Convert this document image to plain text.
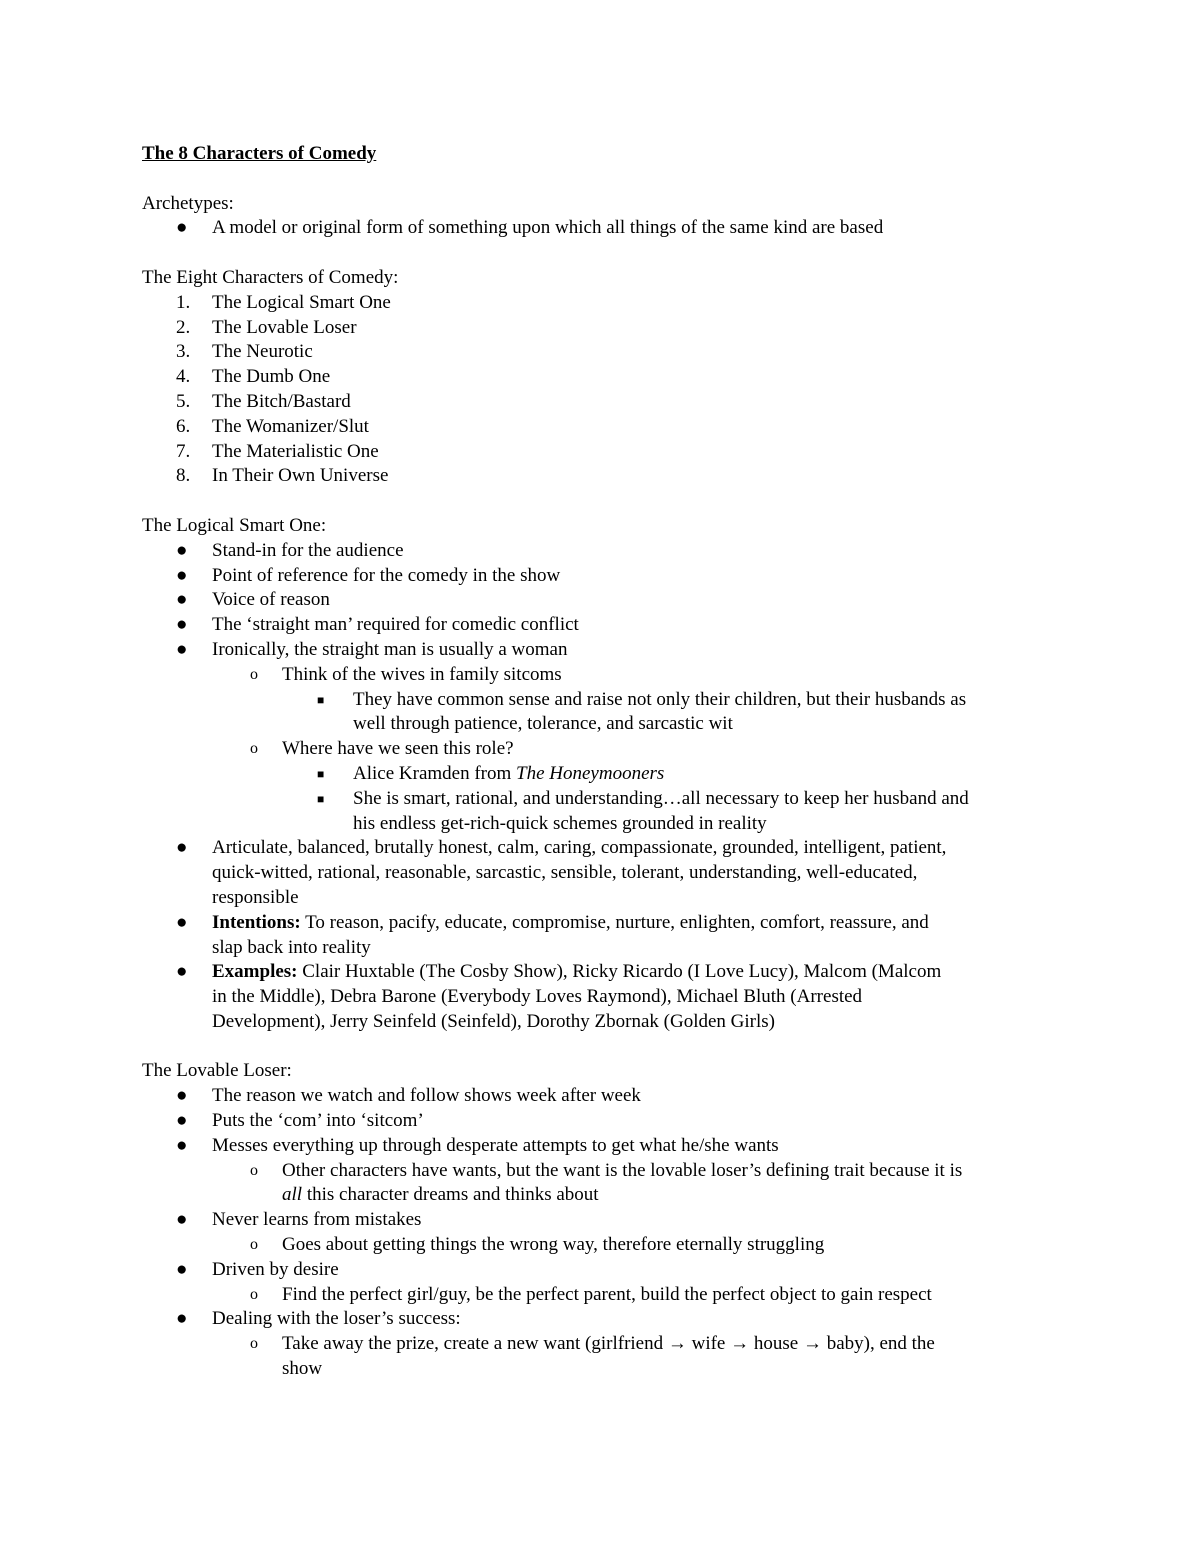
The 8 Characters of Comedy
Archetypes:
● A model or original form of something upon which all things of the same kind are based
The Eight Characters of Comedy:
1. The Logical Smart One
2. The Lovable Loser
3. The Neurotic
4. The Dumb One
5. The Bitch/Bastard
6. The Womanizer/Slut
7. The Materialistic One
8. In Their Own Universe
The Logical Smart One:
● Stand-in for the audience
● Point of reference for the comedy in the show
● Voice of reason
● The ‘straight man’ required for comedic conflict
● Ironically, the straight man is usually a woman
o Think of the wives in family sitcoms
■ They have common sense and raise not only their children, but their husbands as
well through patience, tolerance, and sarcastic wit
o Where have we seen this role?
■ Alice Kramden from The Honeymooners
■ She is smart, rational, and understanding…all necessary to keep her husband and
his endless get-rich-quick schemes grounded in reality
● Articulate, balanced, brutally honest, calm, caring, compassionate, grounded, intelligent, patient,
quick-witted, rational, reasonable, sarcastic, sensible, tolerant, understanding, well-educated,
responsible
● Intentions: To reason, pacify, educate, compromise, nurture, enlighten, comfort, reassure, and
slap back into reality
● Examples: Clair Huxtable (The Cosby Show), Ricky Ricardo (I Love Lucy), Malcom (Malcom
in the Middle), Debra Barone (Everybody Loves Raymond), Michael Bluth (Arrested
Development), Jerry Seinfeld (Seinfeld), Dorothy Zbornak (Golden Girls)
The Lovable Loser:
● The reason we watch and follow shows week after week
● Puts the ‘com’ into ‘sitcom’
● Messes everything up through desperate attempts to get what he/she wants
o Other characters have wants, but the want is the lovable loser’s defining trait because it is
all this character dreams and thinks about
● Never learns from mistakes
o Goes about getting things the wrong way, therefore eternally struggling
● Driven by desire
o Find the perfect girl/guy, be the perfect parent, build the perfect object to gain respect
● Dealing with the loser’s success:
o Take away the prize, create a new want (girlfriend → wife → house → baby), end the
show
